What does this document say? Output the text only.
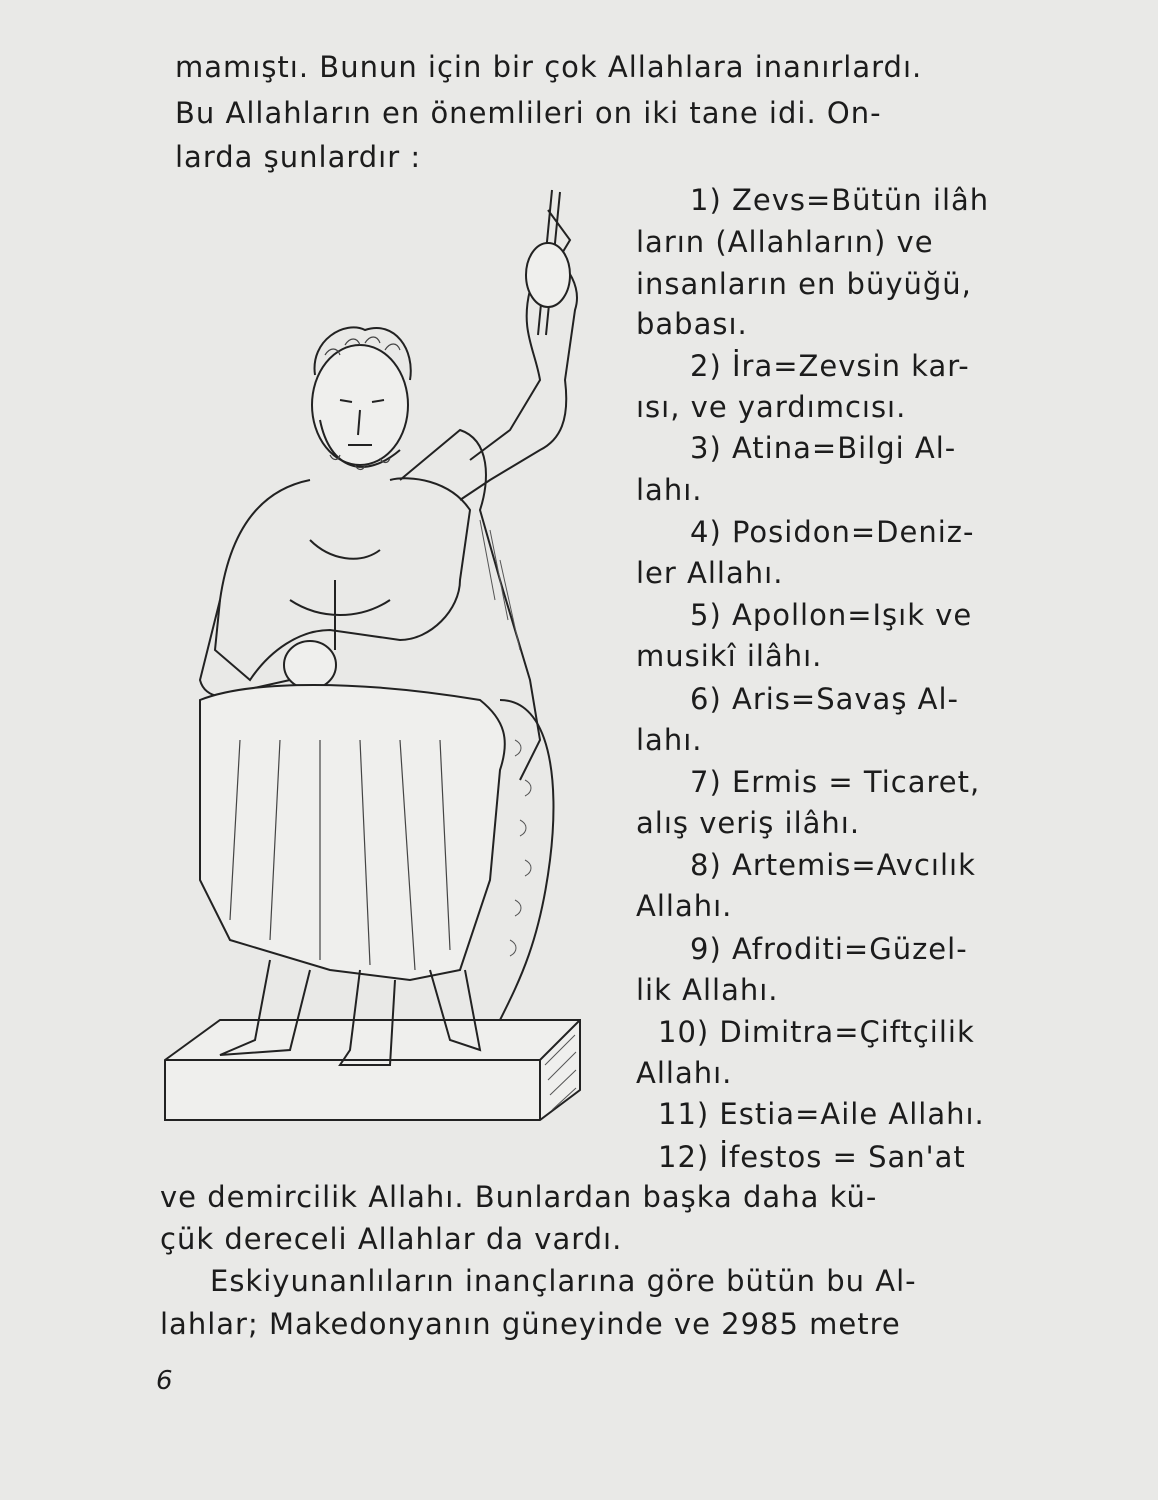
mamıştı. Bunun için bir çok Allahlara inanırlardı.
Bu Allahların en önemlileri on iki tane idi. On-
larda şunlardır :
1) Zevs=Bütün ilâh
ların (Allahların) ve
insanların en büyüğü,
babası.
2) İra=Zevsin kar-
ısı, ve yardımcısı.
3) Atina=Bilgi Al-
lahı.
4) Posidon=Deniz-
ler Allahı.
5) Apollon=Işık ve
musikî ilâhı.
6) Aris=Savaş Al-
lahı.
7) Ermis = Ticaret,
alış veriş ilâhı.
8) Artemis=Avcılık
Allahı.
9) Afroditi=Güzel-
lik Allahı.
10) Dimitra=Çiftçilik
Allahı.
11) Estia=Aile Allahı.
12) İfestos = San'at
ve demircilik Allahı. Bunlardan başka daha kü-
çük dereceli Allahlar da vardı.
Eskiyunanlıların inançlarına göre bütün bu Al-
lahlar; Makedonyanın güneyinde ve 2985 metre
6
